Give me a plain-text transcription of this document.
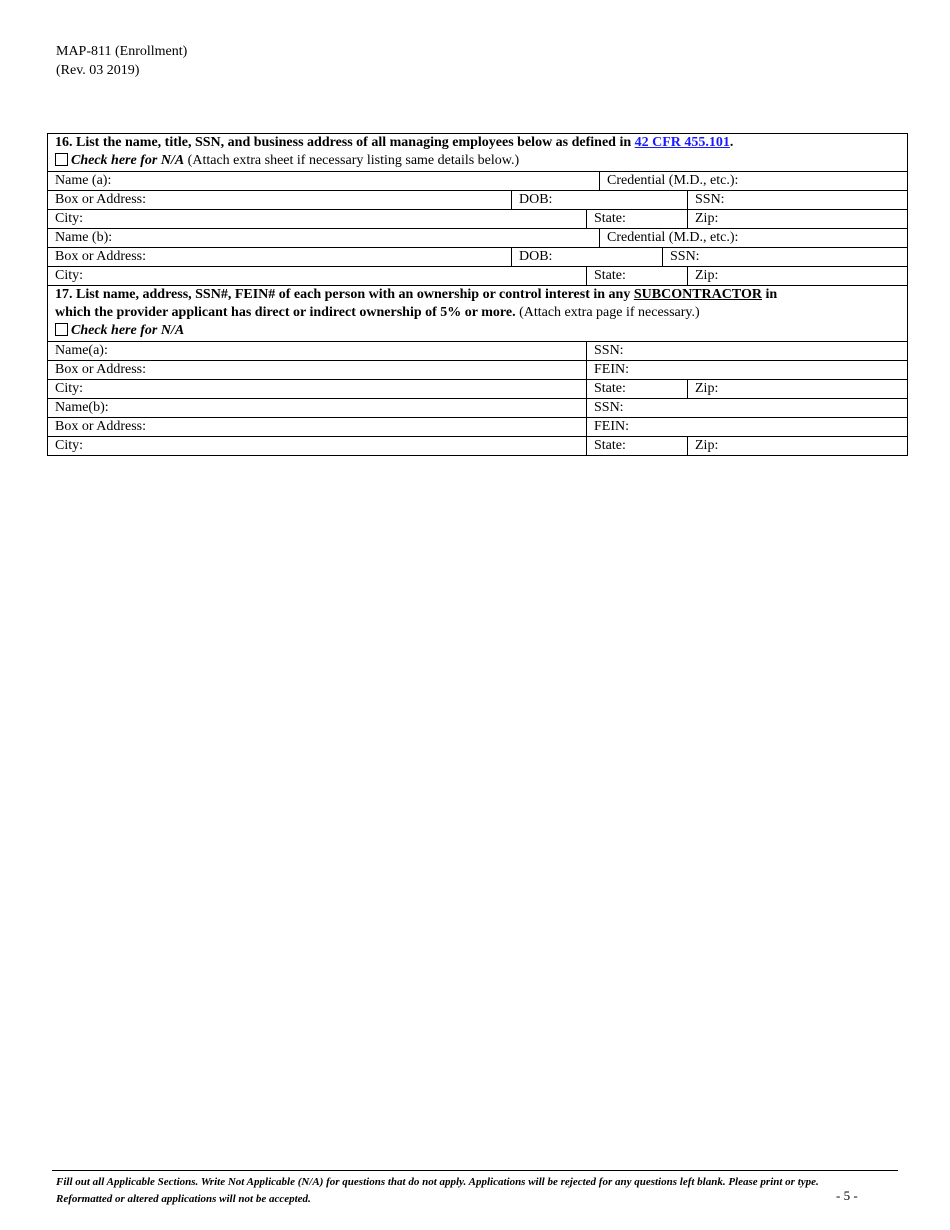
MAP-811 (Enrollment)
(Rev. 03 2019)
16. List the name, title, SSN, and business address of all managing employees below as defined in 42 CFR 455.101.
Check here for N/A (Attach extra sheet if necessary listing same details below.)
Name (a):	Credential (M.D., etc.):
Box or Address:	DOB:	SSN:
City:	State:	Zip:
Name (b):	Credential (M.D., etc.):
Box or Address:	DOB:	SSN:
City:	State:	Zip:
17. List name, address, SSN#, FEIN# of each person with an ownership or control interest in any SUBCONTRACTOR in
which the provider applicant has direct or indirect ownership of 5% or more. (Attach extra page if necessary.)
Check here for N/A
Name(a):	SSN:
Box or Address:	FEIN:
City:	State:	Zip:
Name(b):	SSN:
Box or Address:	FEIN:
City:	State:	Zip:
Fill out all Applicable Sections. Write Not Applicable (N/A) for questions that do not apply. Applications will be rejected for any questions left blank. Please print or type. Reformatted or altered applications will not be accepted.	- 5 -
